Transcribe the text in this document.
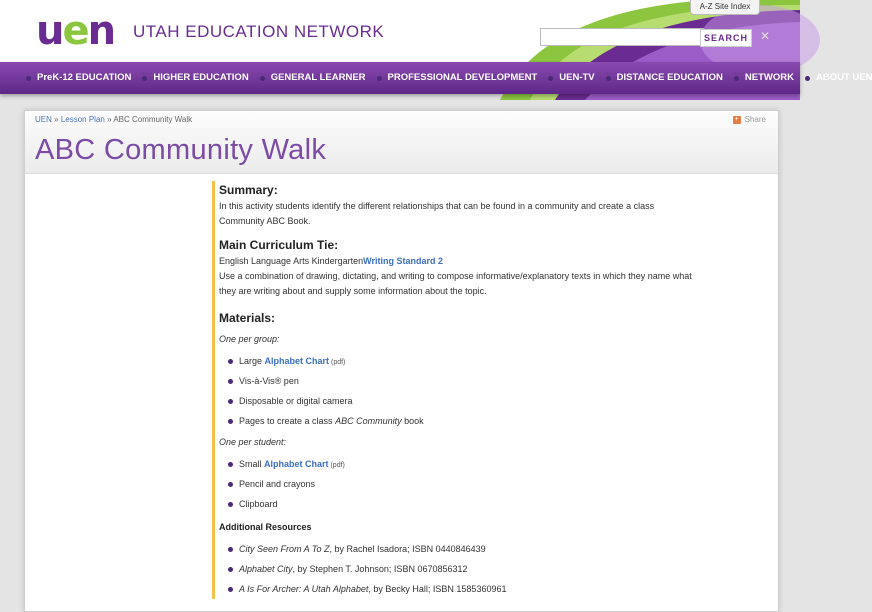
uen UTAH EDUCATION NETWORK
A-Z Site Index
SEARCH	✕
PreK-12 EDUCATION	HIGHER EDUCATION	GENERAL LEARNER	PROFESSIONAL DEVELOPMENT	UEN-TV	DISTANCE EDUCATION	NETWORK	ABOUT UEN
UEN » Lesson Plan » ABC Community Walk	+ Share
ABC Community Walk
Summary:

In this activity students identify the different relationships that can be found in a community and create a class Community ABC Book.

Main Curriculum Tie:

English Language Arts KindergartenWriting Standard 2

Use a combination of drawing, dictating, and writing to compose informative/explanatory texts in which they name what they are writing about and supply some information about the topic.

Materials:

One per group:

Large Alphabet Chart (pdf)
Vis-à-Vis® pen
Disposable or digital camera
Pages to create a class ABC Community book

One per student:

Small Alphabet Chart (pdf)
Pencil and crayons
Clipboard
Additional Resources
City Seen From A To Z, by Rachel Isadora; ISBN 0440846439
Alphabet City, by Stephen T. Johnson; ISBN 0670856312
A Is For Archer: A Utah Alphabet, by Becky Hall; ISBN 1585360961
